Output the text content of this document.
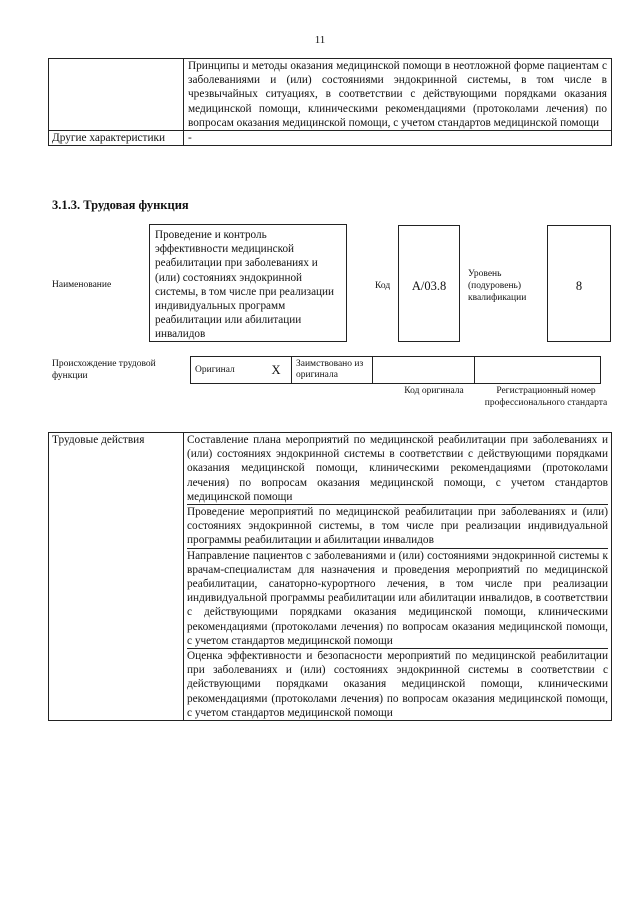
11
	Принципы и методы оказания медицинской помощи в неотложной форме пациентам с заболеваниями и (или) состояниями эндокринной системы, в том числе в чрезвычайных ситуациях, в соответствии с действующими порядками оказания медицинской помощи, клиническими рекомендациями (протоколами лечения) по вопросам оказания медицинской помощи, с учетом стандартов медицинской помощи
Другие характеристики	-
3.1.3. Трудовая функция
Наименование
Проведение и контроль эффективности медицинской реабилитации при заболеваниях и (или) состояниях эндокринной системы, в том числе при реализации индивидуальных программ реабилитации или абилитации инвалидов
Код	A/03.8
Уровень (подуровень) квалификации
8
Происхождение трудовой функции
Оригинал	X	Заимствовано из оригинала		
Код оригинала	Регистрационный номер профессионального стандарта
Трудовые действия	Составление плана мероприятий по медицинской реабилитации при заболеваниях и (или) состояниях эндокринной системы в соответствии с действующими порядками оказания медицинской помощи, клиническими рекомендациями (протоколами лечения) по вопросам оказания медицинской помощи, с учетом стандартов медицинской помощи
Проведение мероприятий по медицинской реабилитации при заболеваниях и (или) состояниях эндокринной системы, в том числе при реализации индивидуальной программы реабилитации и абилитации инвалидов
Направление пациентов с заболеваниями и (или) состояниями эндокринной системы к врачам-специалистам для назначения и проведения мероприятий по медицинской реабилитации, санаторно-курортного лечения, в том числе при реализации индивидуальной программы реабилитации или абилитации инвалидов, в соответствии с действующими порядками оказания медицинской помощи, клиническими рекомендациями (протоколами лечения) по вопросам оказания медицинской помощи, с учетом стандартов медицинской помощи
Оценка эффективности и безопасности мероприятий по медицинской реабилитации при заболеваниях и (или) состояниях эндокринной системы в соответствии с действующими порядками оказания медицинской помощи, клиническими рекомендациями (протоколами лечения) по вопросам оказания медицинской помощи, с учетом стандартов медицинской помощи
